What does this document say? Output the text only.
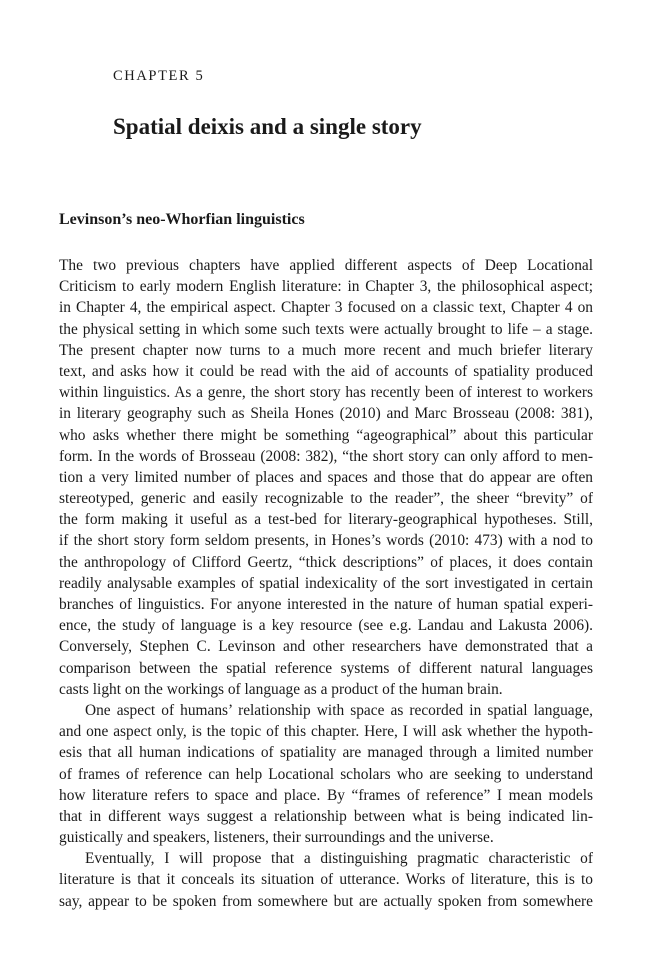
CHAPTER 5
Spatial deixis and a single story
Levinson’s neo-Whorfian linguistics
The two previous chapters have applied different aspects of Deep Locational
Criticism to early modern English literature: in Chapter 3, the philosophical aspect;
in Chapter 4, the empirical aspect. Chapter 3 focused on a classic text, Chapter 4 on
the physical setting in which some such texts were actually brought to life – a stage.
The present chapter now turns to a much more recent and much briefer literary
text, and asks how it could be read with the aid of accounts of spatiality produced
within linguistics. As a genre, the short story has recently been of interest to workers
in literary geography such as Sheila Hones (2010) and Marc Brosseau (2008: 381),
who asks whether there might be something “ageographical” about this particular
form. In the words of Brosseau (2008: 382), “the short story can only afford to men-
tion a very limited number of places and spaces and those that do appear are often
stereotyped, generic and easily recognizable to the reader”, the sheer “brevity” of
the form making it useful as a test-bed for literary-geographical hypotheses. Still,
if the short story form seldom presents, in Hones’s words (2010: 473) with a nod to
the anthropology of Clifford Geertz, “thick descriptions” of places, it does contain
readily analysable examples of spatial indexicality of the sort investigated in certain
branches of linguistics. For anyone interested in the nature of human spatial experi-
ence, the study of language is a key resource (see e.g. Landau and Lakusta 2006).
Conversely, Stephen C. Levinson and other researchers have demonstrated that a
comparison between the spatial reference systems of different natural languages
casts light on the workings of language as a product of the human brain.
One aspect of humans’ relationship with space as recorded in spatial language,
and one aspect only, is the topic of this chapter. Here, I will ask whether the hypoth-
esis that all human indications of spatiality are managed through a limited number
of frames of reference can help Locational scholars who are seeking to understand
how literature refers to space and place. By “frames of reference” I mean models
that in different ways suggest a relationship between what is being indicated lin-
guistically and speakers, listeners, their surroundings and the universe.
Eventually, I will propose that a distinguishing pragmatic characteristic of
literature is that it conceals its situation of utterance. Works of literature, this is to
say, appear to be spoken from somewhere but are actually spoken from somewhere
